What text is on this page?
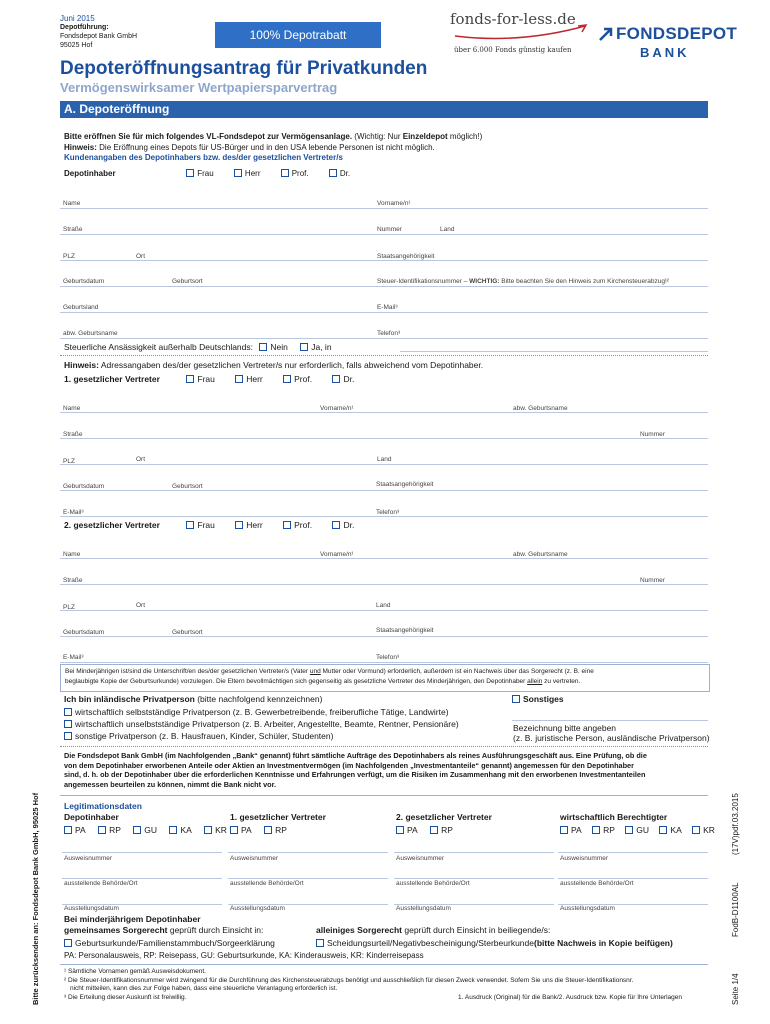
Juni 2015
Depotführung:
Fondsdepot Bank GmbH
95025 Hof
100% Depotrabatt
fonds-for-less.de
über 6.000 Fonds günstig kaufen
FONDSDEPOT
BANK
Depoteröffnungsantrag für Privatkunden
Vermögenswirksamer Wertpapiersparvertrag
A. Depoteröffnung
Bitte eröffnen Sie für mich folgendes VL-Fondsdepot zur Vermögensanlage. (Wichtig: Nur Einzeldepot möglich!)
Hinweis: Die Eröffnung eines Depots für US-Bürger und in den USA lebende Personen ist nicht möglich.
Kundenangaben des Depotinhabers bzw. des/der gesetzlichen Vertreter/s
Depotinhaber	Frau	Herr	Prof.	Dr.
Name	Vorname/n¹
Straße	Nummer	Land
PLZ	Ort	Staatsangehörigkeit
Geburtsdatum	Geburtsort	Steuer-Identifikationsnummer – WICHTIG: Bitte beachten Sie den Hinweis zum Kirchensteuerabzug!²
Geburtsland	E-Mail³
abw. Geburtsname	Telefon³
Steuerliche Ansässigkeit außerhalb Deutschlands: Nein	Ja, in
Hinweis: Adressangaben des/der gesetzlichen Vertreter/s nur erforderlich, falls abweichend vom Depotinhaber.
1. gesetzlicher Vertreter	Frau	Herr	Prof.	Dr.
Name	Vorname/n¹	abw. Geburtsname
Straße	Nummer
PLZ	Ort	Land
Geburtsdatum	Geburtsort	Staatsangehörigkeit
E-Mail³	Telefon³
2. gesetzlicher Vertreter	Frau	Herr	Prof.	Dr.
Name	Vorname/n¹	abw. Geburtsname
Straße	Nummer
PLZ	Ort	Land
Geburtsdatum	Geburtsort	Staatsangehörigkeit
E-Mail³	Telefon³
Bei Minderjährigen ist/sind die Unterschrift/en des/der gesetzlichen Vertreter/s (Vater und Mutter oder Vormund) erforderlich, außerdem ist ein Nachweis über das Sorgerecht (z. B. eine
beglaubigte Kopie der Geburtsurkunde) vorzulegen. Die Eltern bevollmächtigen sich gegenseitig als gesetzliche Vertreter des Minderjährigen, den Depotinhaber allein zu vertreten.
Ich bin inländische Privatperson (bitte nachfolgend kennzeichnen)
wirtschaftlich selbstständige Privatperson (z. B. Gewerbetreibende, freiberufliche Tätige, Landwirte)
wirtschaftlich unselbstständige Privatperson (z. B. Arbeiter, Angestellte, Beamte, Rentner, Pensionäre)
sonstige Privatperson (z. B. Hausfrauen, Kinder, Schüler, Studenten)
Sonstiges
Bezeichnung bitte angeben
(z. B. juristische Person, ausländische Privatperson)
Die Fondsdepot Bank GmbH (im Nachfolgenden „Bank“ genannt) führt sämtliche Aufträge des Depotinhabers als reines Ausführungsgeschäft aus. Eine Prüfung, ob die
von dem Depotinhaber erworbenen Anteile oder Aktien an Investmentvermögen (im Nachfolgenden „Investmentanteile“ genannt) angemessen für den Depotinhaber
sind, d. h. ob der Depotinhaber über die erforderlichen Kenntnisse und Erfahrungen verfügt, um die Risiken im Zusammenhang mit den erworbenen Investmentanteilen
angemessen beurteilen zu können, nimmt die Bank nicht vor.
Legitimationsdaten
Depotinhaber
PA	RP	GU	KA	KR
1. gesetzlicher Vertreter
PA	RP
2. gesetzlicher Vertreter
PA	RP
wirtschaftlich Berechtigter
PA	RP	GU	KA	KR
Ausweisnummer	Ausweisnummer	Ausweisnummer	Ausweisnummer
ausstellende Behörde/Ort	ausstellende Behörde/Ort	ausstellende Behörde/Ort	ausstellende Behörde/Ort
Ausstellungsdatum	Ausstellungsdatum	Ausstellungsdatum	Ausstellungsdatum
Bei minderjährigem Depotinhaber
gemeinsames Sorgerecht geprüft durch Einsicht in:	alleiniges Sorgerecht geprüft durch Einsicht in beiliegende/s:
Geburtsurkunde/Familienstammbuch/Sorgeerklärung	Scheidungsurteil/Negativbescheinigung/Sterbeurkunde(bitte Nachweis in Kopie beifügen)
PA: Personalausweis, RP: Reisepass, GU: Geburtsurkunde, KA: Kinderausweis, KR: Kinderreisepass
¹ Sämtliche Vornamen gemäß Ausweisdokument.
² Die Steuer-Identifikationsnummer wird zwingend für die Durchführung des Kirchensteuerabzugs benötigt und ausschließlich für diesen Zweck verwendet. Sofern Sie uns die Steuer-Identifikationsnr.
nicht mitteilen, kann dies zur Folge haben, dass eine steuerliche Veranlagung erforderlich ist.
³ Die Erteilung dieser Auskunft ist freiwillig.	1. Ausdruck (Original) für die Bank/2. Ausdruck bzw. Kopie für Ihre Unterlagen
Bitte zurücksenden an: Fondsdepot Bank GmbH, 95025 Hof	(17V)pdf.03.2015
FodB-D1100AL
Seite 1/4
